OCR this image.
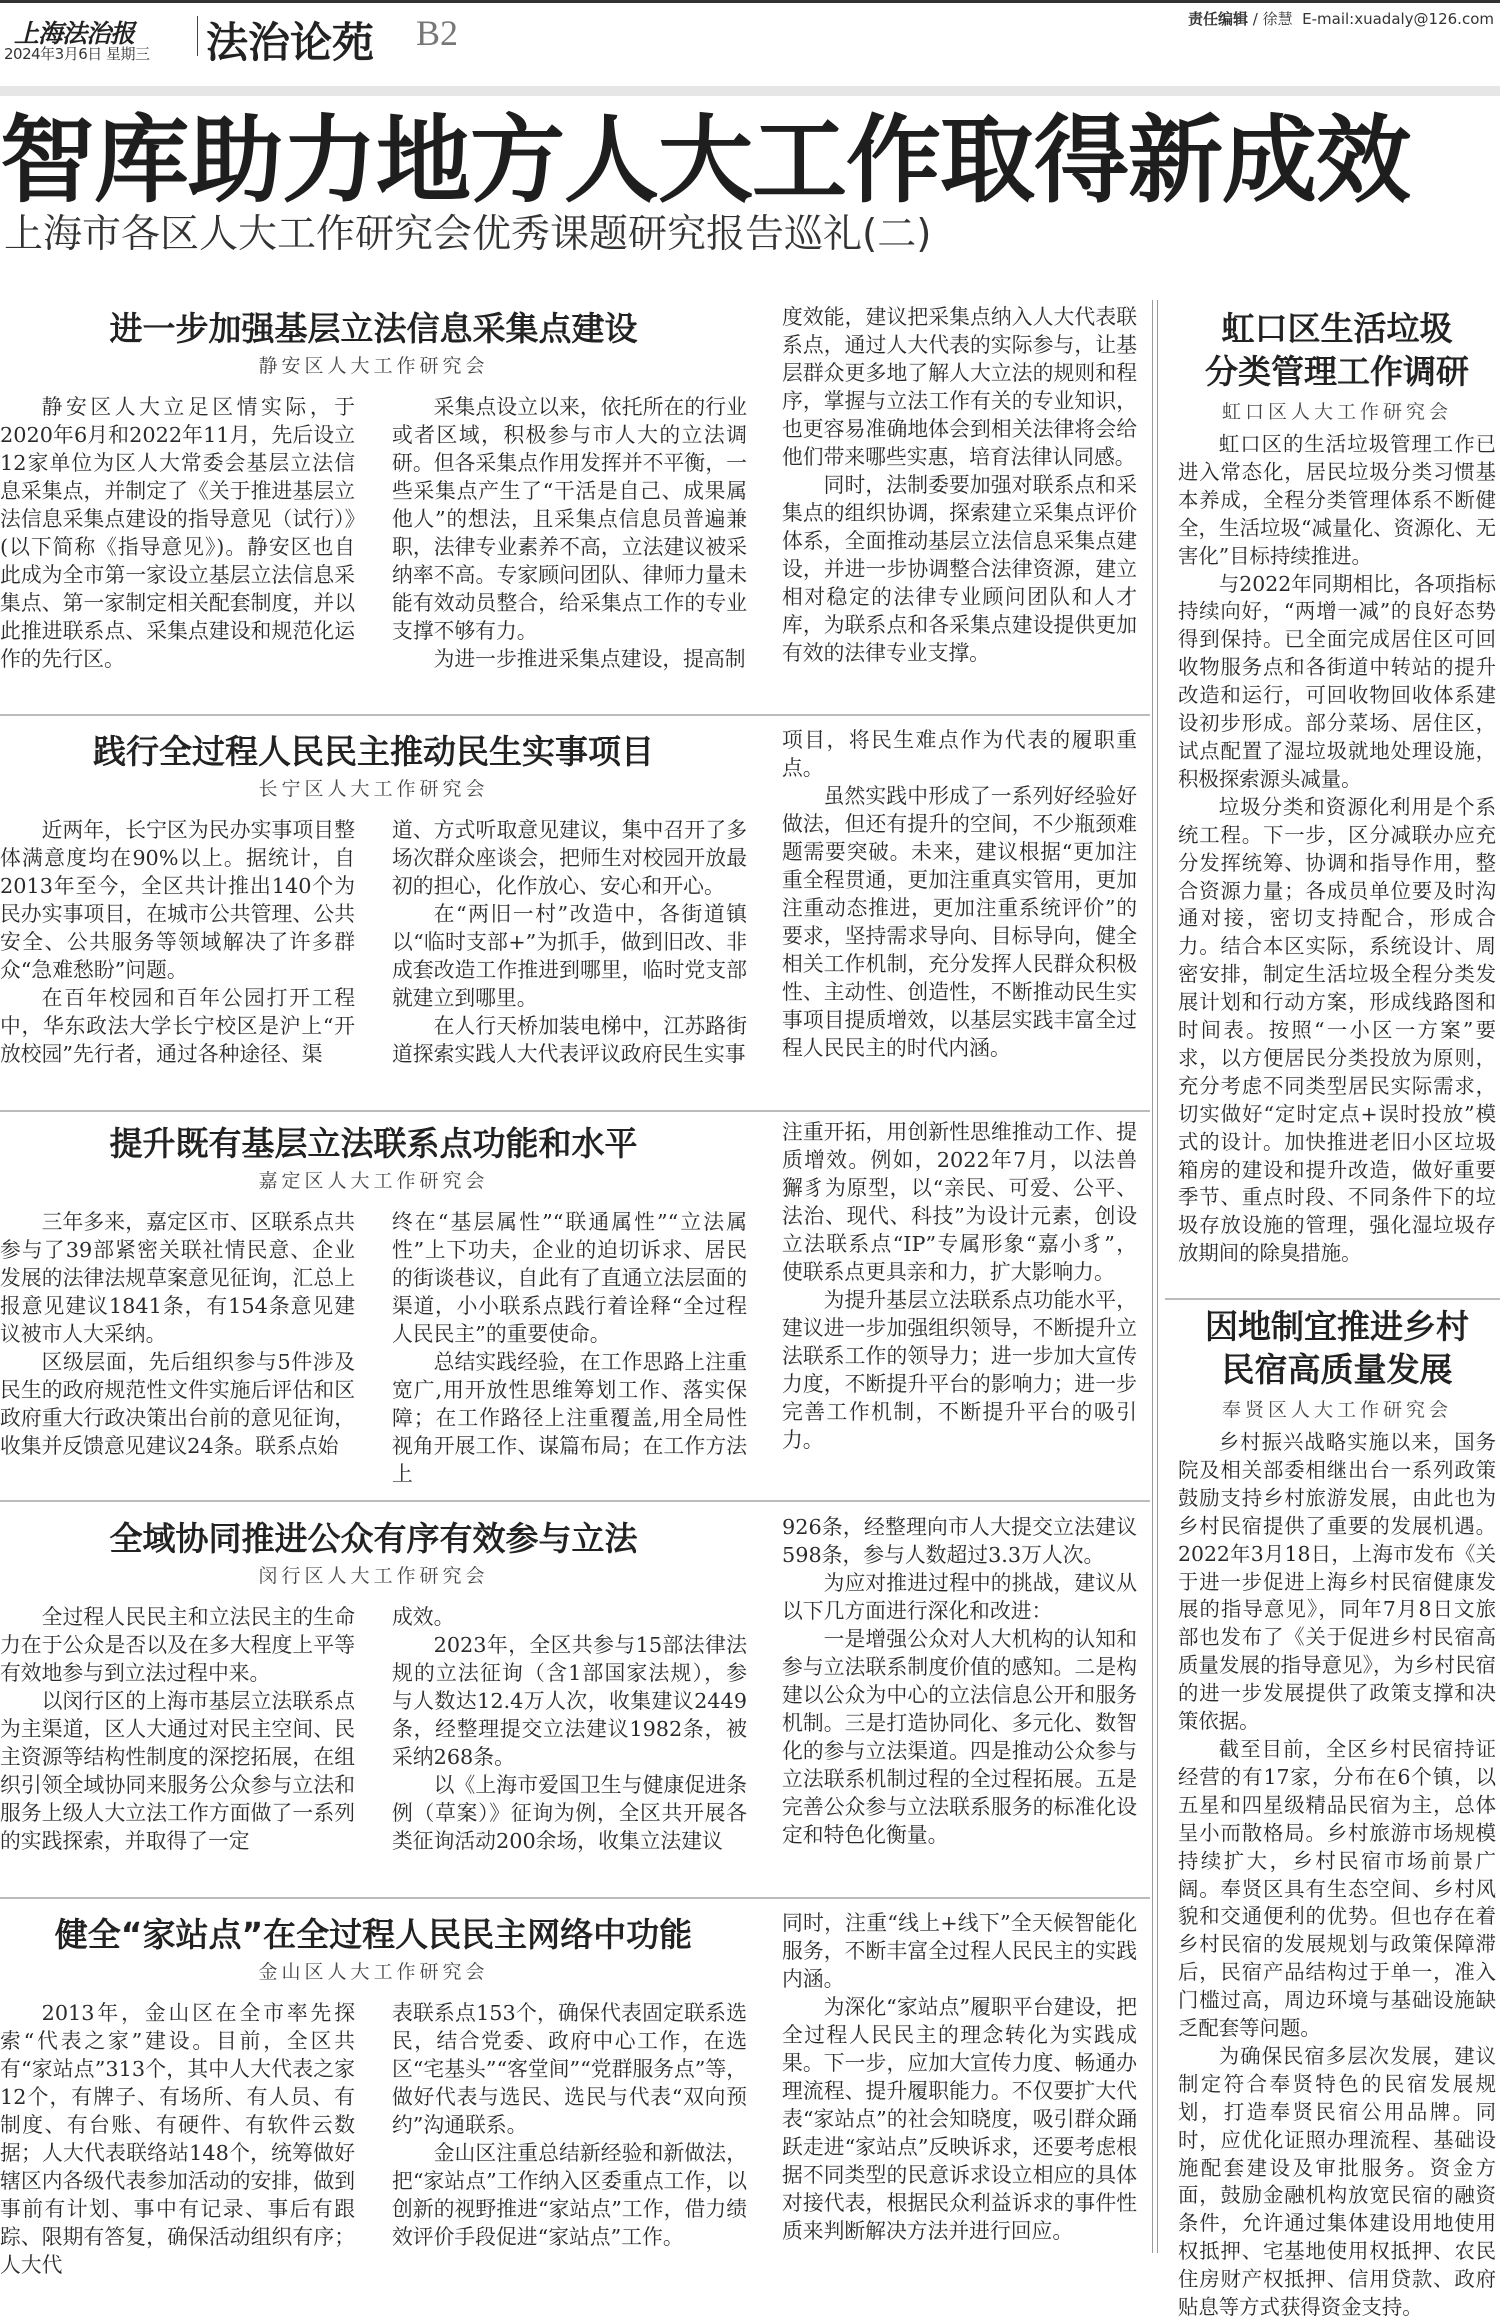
上海法治报
2024年3月6日 星期三 法治论苑 B2	责任编辑 / 徐慧 E-mail:xuadaly@126.com
智库助力地方人大工作取得新成效
上海市各区人大工作研究会优秀课题研究报告巡礼(二)
进一步加强基层立法信息采集点建设
静安区人大工作研究会

静安区人大立足区情实际，于2020年6月和2022年11月，先后设立12家单位为区人大常委会基层立法信息采集点，并制定了《关于推进基层立法信息采集点建设的指导意见（试行）》(以下简称《指导意见》)。静安区也自此成为全市第一家设立基层立法信息采集点、第一家制定相关配套制度，并以此推进联系点、采集点建设和规范化运作的先行区。

采集点设立以来，依托所在的行业或者区域，积极参与市人大的立法调研。但各采集点作用发挥并不平衡，一些采集点产生了“干活是自己、成果属他人”的想法，且采集点信息员普遍兼职，法律专业素养不高，立法建议被采纳率不高。专家顾问团队、律师力量未能有效动员整合，给采集点工作的专业支撑不够有力。

为进一步推进采集点建设，提高制

度效能，建议把采集点纳入人大代表联系点，通过人大代表的实际参与，让基层群众更多地了解人大立法的规则和程序，掌握与立法工作有关的专业知识，也更容易准确地体会到相关法律将会给他们带来哪些实惠，培育法律认同感。

同时，法制委要加强对联系点和采集点的组织协调，探索建立采集点评价体系，全面推动基层立法信息采集点建设，并进一步协调整合法律资源，建立相对稳定的法律专业顾问团队和人才库，为联系点和各采集点建设提供更加有效的法律专业支撑。

践行全过程人民民主推动民生实事项目
长宁区人大工作研究会

近两年，长宁区为民办实事项目整体满意度均在90%以上。据统计，自2013年至今，全区共计推出140个为民办实事项目，在城市公共管理、公共安全、公共服务等领域解决了许多群众“急难愁盼”问题。

在百年校园和百年公园打开工程中，华东政法大学长宁校区是沪上“开放校园”先行者，通过各种途径、渠

道、方式听取意见建议，集中召开了多场次群众座谈会，把师生对校园开放最初的担心，化作放心、安心和开心。

在“两旧一村”改造中，各街道镇以“临时支部+”为抓手，做到旧改、非成套改造工作推进到哪里，临时党支部就建立到哪里。

在人行天桥加装电梯中，江苏路街道探索实践人大代表评议政府民生实事

项目，将民生难点作为代表的履职重点。

虽然实践中形成了一系列好经验好做法，但还有提升的空间，不少瓶颈难题需要突破。未来，建议根据“更加注重全程贯通，更加注重真实管用，更加注重动态推进，更加注重系统评价”的要求，坚持需求导向、目标导向，健全相关工作机制，充分发挥人民群众积极性、主动性、创造性，不断推动民生实事项目提质增效，以基层实践丰富全过程人民民主的时代内涵。

提升既有基层立法联系点功能和水平
嘉定区人大工作研究会

三年多来，嘉定区市、区联系点共参与了39部紧密关联社情民意、企业发展的法律法规草案意见征询，汇总上报意见建议1841条，有154条意见建议被市人大采纳。

区级层面，先后组织参与5件涉及民生的政府规范性文件实施后评估和区政府重大行政决策出台前的意见征询，收集并反馈意见建议24条。联系点始

终在“基层属性”“联通属性”“立法属性”上下功夫，企业的迫切诉求、居民的街谈巷议，自此有了直通立法层面的渠道，小小联系点践行着诠释“全过程人民民主”的重要使命。

总结实践经验，在工作思路上注重宽广,用开放性思维筹划工作、落实保障；在工作路径上注重覆盖,用全局性视角开展工作、谋篇布局；在工作方法上

注重开拓，用创新性思维推动工作、提质增效。例如，2022年7月，以法兽獬豸为原型，以“亲民、可爱、公平、法治、现代、科技”为设计元素，创设立法联系点“IP”专属形象“嘉小豸”，使联系点更具亲和力，扩大影响力。

为提升基层立法联系点功能水平，建议进一步加强组织领导，不断提升立法联系工作的领导力；进一步加大宣传力度，不断提升平台的影响力；进一步完善工作机制，不断提升平台的吸引力。

全域协同推进公众有序有效参与立法
闵行区人大工作研究会

全过程人民民主和立法民主的生命力在于公众是否以及在多大程度上平等有效地参与到立法过程中来。

以闵行区的上海市基层立法联系点为主渠道，区人大通过对民主空间、民主资源等结构性制度的深挖拓展，在组织引领全域协同来服务公众参与立法和服务上级人大立法工作方面做了一系列的实践探索，并取得了一定

成效。

2023年，全区共参与15部法律法规的立法征询（含1部国家法规），参与人数达12.4万人次，收集建议2449条，经整理提交立法建议1982条，被采纳268条。

以《上海市爱国卫生与健康促进条例（草案）》征询为例，全区共开展各类征询活动200余场，收集立法建议

926条，经整理向市人大提交立法建议598条，参与人数超过3.3万人次。

为应对推进过程中的挑战，建议从以下几方面进行深化和改进：

一是增强公众对人大机构的认知和参与立法联系制度价值的感知。二是构建以公众为中心的立法信息公开和服务机制。三是打造协同化、多元化、数智化的参与立法渠道。四是推动公众参与立法联系机制过程的全过程拓展。五是完善公众参与立法联系服务的标准化设定和特色化衡量。

健全“家站点”在全过程人民民主网络中功能
金山区人大工作研究会

2013年，金山区在全市率先探索“代表之家”建设。目前，全区共有“家站点”313个，其中人大代表之家12个，有牌子、有场所、有人员、有制度、有台账、有硬件、有软件云数据；人大代表联络站148个，统筹做好辖区内各级代表参加活动的安排，做到事前有计划、事中有记录、事后有跟踪、限期有答复，确保活动组织有序；人大代

表联系点153个，确保代表固定联系选民，结合党委、政府中心工作，在选区“宅基头”“客堂间”“党群服务点”等，做好代表与选民、选民与代表“双向预约”沟通联系。

金山区注重总结新经验和新做法，把“家站点”工作纳入区委重点工作，以创新的视野推进“家站点”工作，借力绩效评价手段促进“家站点”工作。

同时，注重“线上+线下”全天候智能化服务，不断丰富全过程人民民主的实践内涵。

为深化“家站点”履职平台建设，把全过程人民民主的理念转化为实践成果。下一步，应加大宣传力度、畅通办理流程、提升履职能力。不仅要扩大代表“家站点”的社会知晓度，吸引群众踊跃走进“家站点”反映诉求，还要考虑根据不同类型的民意诉求设立相应的具体对接代表，根据民众利益诉求的事件性质来判断解决方法并进行回应。

虹口区生活垃圾
分类管理工作调研
虹口区人大工作研究会

虹口区的生活垃圾管理工作已进入常态化，居民垃圾分类习惯基本养成，全程分类管理体系不断健全，生活垃圾“减量化、资源化、无害化”目标持续推进。

与2022年同期相比，各项指标持续向好，“两增一减”的良好态势得到保持。已全面完成居住区可回收物服务点和各街道中转站的提升改造和运行，可回收物回收体系建设初步形成。部分菜场、居住区，试点配置了湿垃圾就地处理设施，积极探索源头减量。

垃圾分类和资源化利用是个系统工程。下一步，区分减联办应充分发挥统筹、协调和指导作用，整合资源力量；各成员单位要及时沟通对接，密切支持配合，形成合力。结合本区实际，系统设计、周密安排，制定生活垃圾全程分类发展计划和行动方案，形成线路图和时间表。按照“一小区一方案”要求，以方便居民分类投放为原则，充分考虑不同类型居民实际需求，切实做好“定时定点+误时投放”模式的设计。加快推进老旧小区垃圾箱房的建设和提升改造，做好重要季节、重点时段、不同条件下的垃圾存放设施的管理，强化湿垃圾存放期间的除臭措施。

因地制宜推进乡村
民宿高质量发展
奉贤区人大工作研究会

乡村振兴战略实施以来，国务院及相关部委相继出台一系列政策鼓励支持乡村旅游发展，由此也为乡村民宿提供了重要的发展机遇。2022年3月18日，上海市发布《关于进一步促进上海乡村民宿健康发展的指导意见》，同年7月8日文旅部也发布了《关于促进乡村民宿高质量发展的指导意见》，为乡村民宿的进一步发展提供了政策支撑和决策依据。

截至目前，全区乡村民宿持证经营的有17家，分布在6个镇，以五星和四星级精品民宿为主，总体呈小而散格局。乡村旅游市场规模持续扩大，乡村民宿市场前景广阔。奉贤区具有生态空间、乡村风貌和交通便利的优势。但也存在着乡村民宿的发展规划与政策保障滞后，民宿产品结构过于单一，准入门槛过高，周边环境与基础设施缺乏配套等问题。

为确保民宿多层次发展，建议制定符合奉贤特色的民宿发展规划，打造奉贤民宿公用品牌。同时，应优化证照办理流程、基础设施配套建设及审批服务。资金方面，鼓励金融机构放宽民宿的融资条件，允许通过集体建设用地使用权抵押、宅基地使用权抵押、农民住房财产权抵押、信用贷款、政府贴息等方式获得资金支持。
